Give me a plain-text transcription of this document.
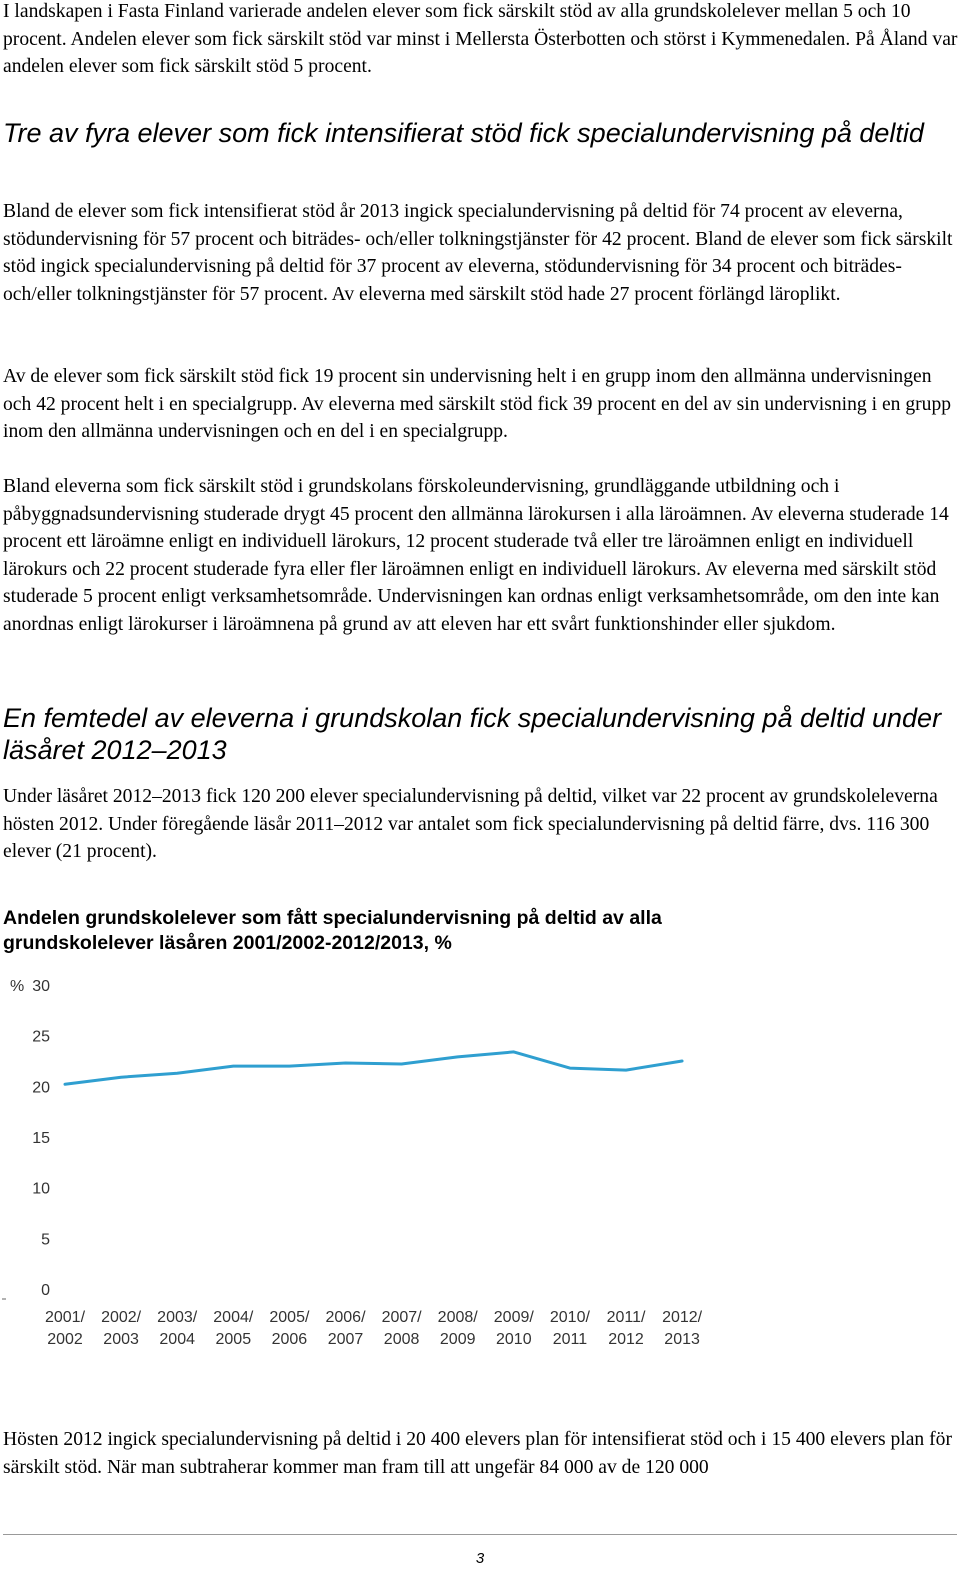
I landskapen i Fasta Finland varierade andelen elever som fick särskilt stöd av alla grundskolelever mellan 5 och 10 procent. Andelen elever som fick särskilt stöd var minst i Mellersta Österbotten och störst i Kymmenedalen. På Åland var andelen elever som fick särskilt stöd 5 procent.

Tre av fyra elever som fick intensifierat stöd fick specialundervisning på deltid

Bland de elever som fick intensifierat stöd år 2013 ingick specialundervisning på deltid för 74 procent av eleverna, stödundervisning för 57 procent och biträdes- och/eller tolkningstjänster för 42 procent. Bland de elever som fick särskilt stöd ingick specialundervisning på deltid för 37 procent av eleverna, stödundervisning för 34 procent och biträdes- och/eller tolkningstjänster för 57 procent. Av eleverna med särskilt stöd hade 27 procent förlängd läroplikt.

Av de elever som fick särskilt stöd fick 19 procent sin undervisning helt i en grupp inom den allmänna undervisningen och 42 procent helt i en specialgrupp. Av eleverna med särskilt stöd fick 39 procent en del av sin undervisning i en grupp inom den allmänna undervisningen och en del i en specialgrupp.

Bland eleverna som fick särskilt stöd i grundskolans förskoleundervisning, grundläggande utbildning och i påbyggnadsundervisning studerade drygt 45 procent den allmänna lärokursen i alla läroämnen. Av eleverna studerade 14 procent ett läroämne enligt en individuell lärokurs, 12 procent studerade två eller tre läroämnen enligt en individuell lärokurs och 22 procent studerade fyra eller fler läroämnen enligt en individuell lärokurs. Av eleverna med särskilt stöd studerade 5 procent enligt verksamhetsområde. Undervisningen kan ordnas enligt verksamhetsområde, om den inte kan anordnas enligt lärokurser i läroämnena på grund av att eleven har ett svårt funktionshinder eller sjukdom.

En femtedel av eleverna i grundskolan fick specialundervisning på deltid under läsåret 2012–2013

Under läsåret 2012–2013 fick 120 200 elever specialundervisning på deltid, vilket var 22 procent av grundskoleleverna hösten 2012. Under föregående läsår 2011–2012 var antalet som fick specialundervisning på deltid färre, dvs. 116 300 elever (21 procent).

Andelen grundskolelever som fått specialundervisning på deltid av alla grundskolelever läsåren 2001/2002-2012/2013, %
0
5
10
15
20
25
30
%
2001/ 2002
2002/ 2003
2003/ 2004
2004/ 2005
2005/ 2006
2006/ 2007
2007/ 2008
2008/ 2009
2009/ 2010
2010/ 2011
2011/ 2012
2012/ 2013

Hösten 2012 ingick specialundervisning på deltid i 20 400 elevers plan för intensifierat stöd och i 15 400 elevers plan för särskilt stöd. När man subtraherar kommer man fram till att ungefär 84 000 av de 120 000

3
